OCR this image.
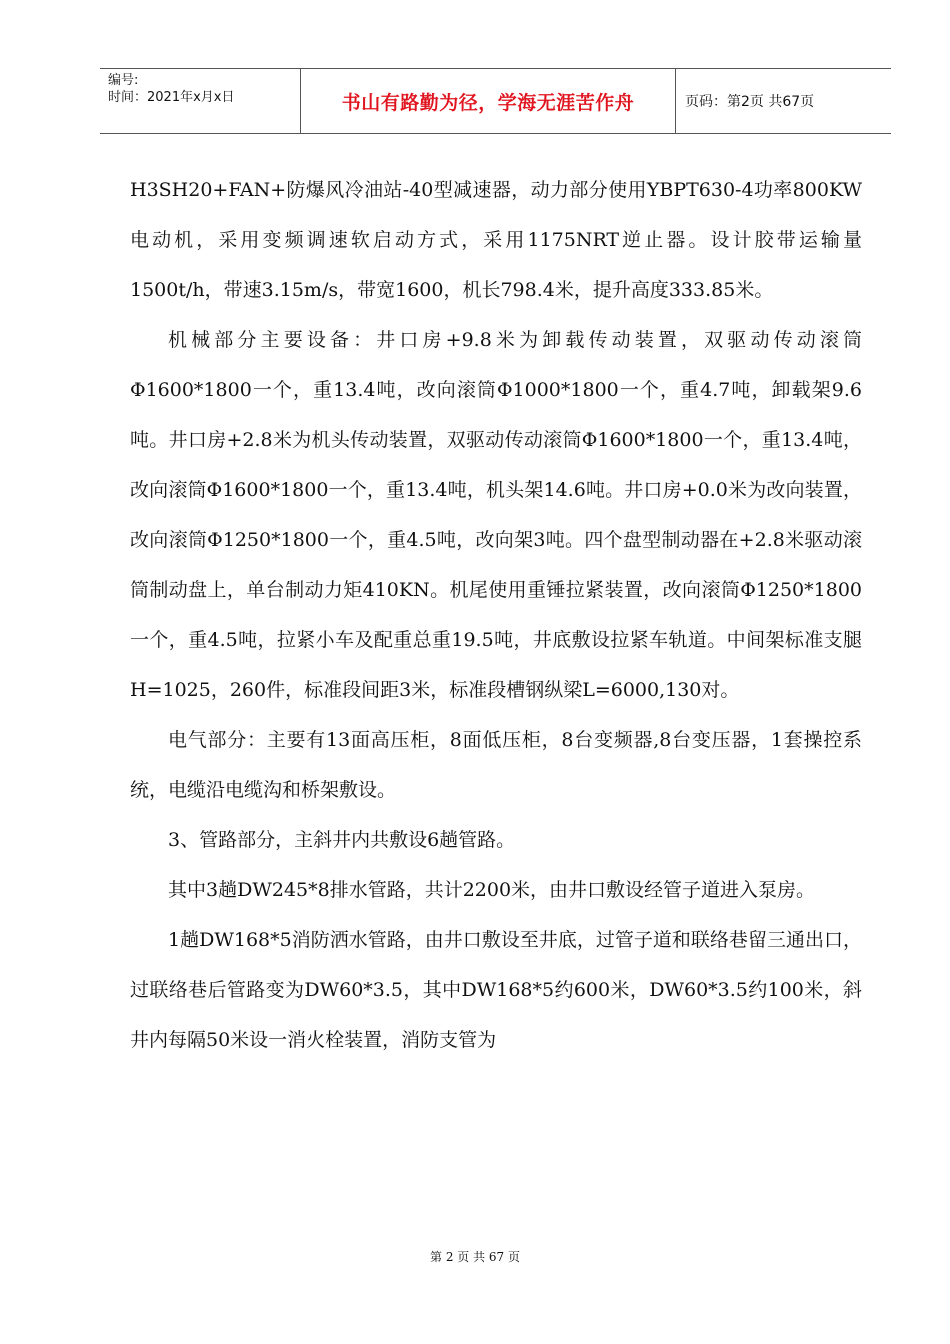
编号:
时间：2021年x月x日	书山有路勤为径，学海无涯苦作舟	页码：第2页 共67页

H3SH20+FAN+防爆风冷油站-40型减速器，动力部分使用YBPT630-4功率800KW电动机，采用变频调速软启动方式，采用1175NRT逆止器。设计胶带运输量1500t/h，带速3.15m/s，带宽1600，机长798.4米，提升高度333.85米。

机械部分主要设备：井口房+9.8米为卸载传动装置，双驱动传动滚筒Φ1600*1800一个，重13.4吨，改向滚筒Φ1000*1800一个，重4.7吨，卸载架9.6吨。井口房+2.8米为机头传动装置，双驱动传动滚筒Φ1600*1800一个，重13.4吨，改向滚筒Φ1600*1800一个，重13.4吨，机头架14.6吨。井口房+0.0米为改向装置，改向滚筒Φ1250*1800一个，重4.5吨，改向架3吨。四个盘型制动器在+2.8米驱动滚筒制动盘上，单台制动力矩410KN。机尾使用重锤拉紧装置，改向滚筒Φ1250*1800一个，重4.5吨，拉紧小车及配重总重19.5吨，井底敷设拉紧车轨道。中间架标准支腿H=1025，260件，标准段间距3米，标准段槽钢纵梁L=6000,130对。

电气部分：主要有13面高压柜，8面低压柜，8台变频器,8台变压器，1套操控系统，电缆沿电缆沟和桥架敷设。

3、管路部分，主斜井内共敷设6趟管路。

其中3趟DW245*8排水管路，共计2200米，由井口敷设经管子道进入泵房。

1趟DW168*5消防洒水管路，由井口敷设至井底，过管子道和联络巷留三通出口，过联络巷后管路变为DW60*3.5，其中DW168*5约600米，DW60*3.5约100米，斜井内每隔50米设一消火栓装置，消防支管为

第 2 页 共 67 页
